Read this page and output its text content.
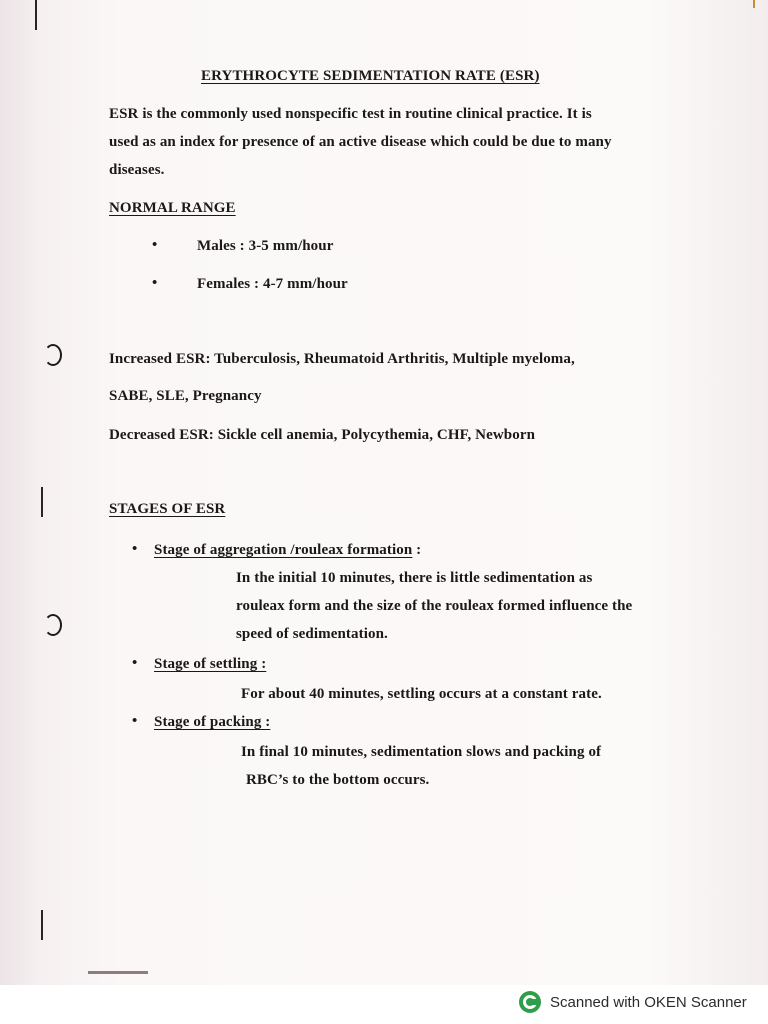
ERYTHROCYTE SEDIMENTATION RATE (ESR)
ESR is the commonly used nonspecific test in routine clinical practice. It is
used as an index for presence of an active disease which could be due to many
diseases.
NORMAL RANGE
•	Males : 3-5 mm/hour
•	Females : 4-7 mm/hour
Increased ESR: Tuberculosis, Rheumatoid Arthritis, Multiple myeloma,
SABE, SLE, Pregnancy
Decreased ESR: Sickle cell anemia, Polycythemia, CHF, Newborn
STAGES OF ESR
• Stage of aggregation /rouleax formation :
In the initial 10 minutes, there is little sedimentation as
rouleax form and the size of the rouleax formed influence the
speed of sedimentation.
• Stage of settling :
For about 40 minutes, settling occurs at a constant rate.
• Stage of packing :
In final 10 minutes, sedimentation slows and packing of
RBC’s to the bottom occurs.
Scanned with OKEN Scanner
